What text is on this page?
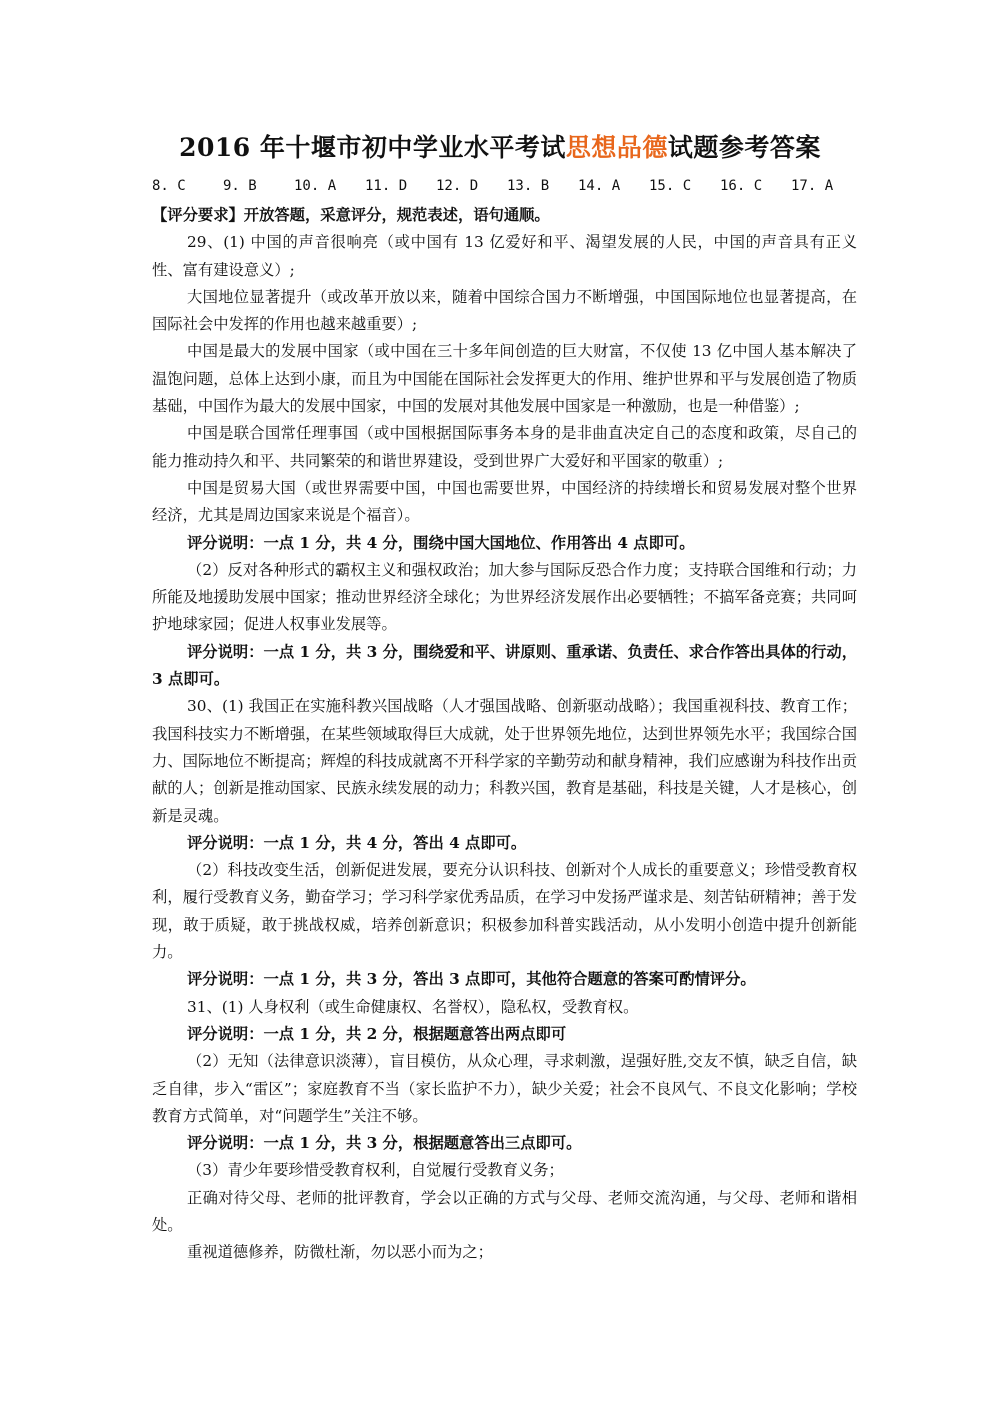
2016 年十堰市初中学业水平考试思想品德试题参考答案
8. C	9. B	10. A	11. D	12. D	13. B	14. A	15. C	16. C	17. A

【评分要求】开放答题，采意评分，规范表述，语句通顺。

29、(1) 中国的声音很响亮（或中国有 13 亿爱好和平、渴望发展的人民，中国的声音具有正义性、富有建设意义）;

大国地位显著提升（或改革开放以来，随着中国综合国力不断增强，中国国际地位也显著提高，在国际社会中发挥的作用也越来越重要）;

中国是最大的发展中国家（或中国在三十多年间创造的巨大财富，不仅使 13 亿中国人基本解决了温饱问题，总体上达到小康，而且为中国能在国际社会发挥更大的作用、维护世界和平与发展创造了物质基础，中国作为最大的发展中国家，中国的发展对其他发展中国家是一种激励，也是一种借鉴）;

中国是联合国常任理事国（或中国根据国际事务本身的是非曲直决定自己的态度和政策，尽自己的能力推动持久和平、共同繁荣的和谐世界建设，受到世界广大爱好和平国家的敬重）;

中国是贸易大国（或世界需要中国，中国也需要世界，中国经济的持续增长和贸易发展对整个世界经济，尤其是周边国家来说是个福音）。

评分说明：一点 1 分，共 4 分，围绕中国大国地位、作用答出 4 点即可。

（2）反对各种形式的霸权主义和强权政治；加大参与国际反恐合作力度；支持联合国维和行动；力所能及地援助发展中国家；推动世界经济全球化；为世界经济发展作出必要牺牲；不搞军备竞赛；共同呵护地球家园；促进人权事业发展等。

评分说明：一点 1 分，共 3 分，围绕爱和平、讲原则、重承诺、负责任、求合作答出具体的行动，3 点即可。

30、(1) 我国正在实施科教兴国战略（人才强国战略、创新驱动战略）；我国重视科技、教育工作；我国科技实力不断增强，在某些领域取得巨大成就，处于世界领先地位，达到世界领先水平；我国综合国力、国际地位不断提高；辉煌的科技成就离不开科学家的辛勤劳动和献身精神，我们应感谢为科技作出贡献的人；创新是推动国家、民族永续发展的动力；科教兴国，教育是基础，科技是关键，人才是核心，创新是灵魂。

评分说明：一点 1 分，共 4 分，答出 4 点即可。

（2）科技改变生活，创新促进发展，要充分认识科技、创新对个人成长的重要意义；珍惜受教育权利，履行受教育义务，勤奋学习；学习科学家优秀品质，在学习中发扬严谨求是、刻苦钻研精神；善于发现，敢于质疑，敢于挑战权威，培养创新意识；积极参加科普实践活动，从小发明小创造中提升创新能力。

评分说明：一点 1 分，共 3 分，答出 3 点即可，其他符合题意的答案可酌情评分。

31、(1) 人身权利（或生命健康权、名誉权），隐私权，受教育权。

评分说明：一点 1 分，共 2 分，根据题意答出两点即可

（2）无知（法律意识淡薄），盲目模仿，从众心理，寻求刺激，逞强好胜,交友不慎，缺乏自信，缺乏自律，步入“雷区”；家庭教育不当（家长监护不力），缺少关爱；社会不良风气、不良文化影响；学校教育方式简单，对“问题学生”关注不够。

评分说明：一点 1 分，共 3 分，根据题意答出三点即可。

（3）青少年要珍惜受教育权利，自觉履行受教育义务；

正确对待父母、老师的批评教育，学会以正确的方式与父母、老师交流沟通，与父母、老师和谐相处。

重视道德修养，防微杜渐，勿以恶小而为之；
